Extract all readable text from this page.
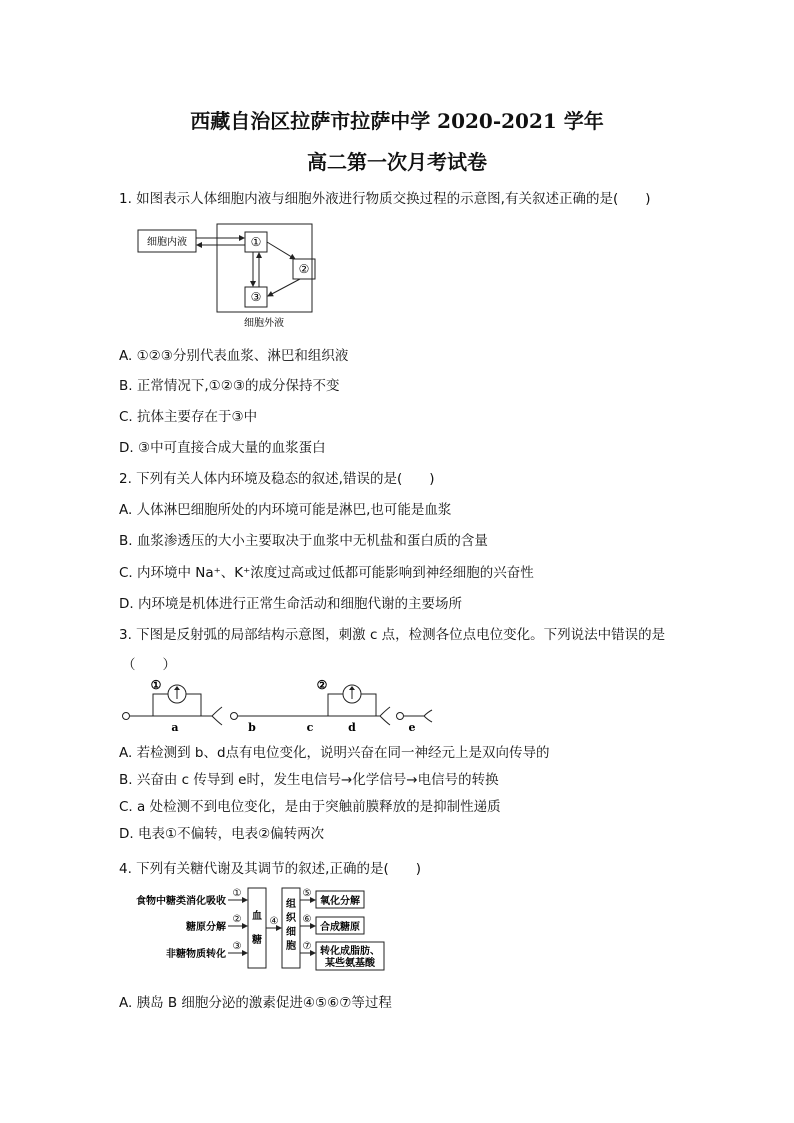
西藏自治区拉萨市拉萨中学 2020-2021 学年
高二第一次月考试卷
1. 如图表示人体细胞内液与细胞外液进行物质交换过程的示意图,有关叙述正确的是(　　)
细胞内液	①
②
③
细胞外液
A. ①②③分别代表血浆、淋巴和组织液
B. 正常情况下,①②③的成分保持不变
C. 抗体主要存在于③中
D. ③中可直接合成大量的血浆蛋白
2. 下列有关人体内环境及稳态的叙述,错误的是(　　)
A. 人体淋巴细胞所处的内环境可能是淋巴,也可能是血浆
B. 血浆渗透压的大小主要取决于血浆中无机盐和蛋白质的含量
C. 内环境中 Na⁺、K⁺浓度过高或过低都可能影响到神经细胞的兴奋性
D. 内环境是机体进行正常生命活动和细胞代谢的主要场所
3. 下图是反射弧的局部结构示意图，刺激 c 点，检测各位点电位变化。下列说法中错误的是
（　　）
①
a
②
b	c	d	e
A. 若检测到 b、d点有电位变化，说明兴奋在同一神经元上是双向传导的
B. 兴奋由 c 传导到 e时，发生电信号→化学信号→电信号的转换
C. a 处检测不到电位变化，是由于突触前膜释放的是抑制性递质
D. 电表①不偏转，电表②偏转两次
4. 下列有关糖代谢及其调节的叙述,正确的是(　　)
食物中糖类消化吸收
糖原分解
非糖物质转化
①
②
③
血
糖
④
组
织
细
胞
⑤
⑥
⑦
氧化分解
合成糖原
转化成脂肪、
某些氨基酸
A. 胰岛 B 细胞分泌的激素促进④⑤⑥⑦等过程
